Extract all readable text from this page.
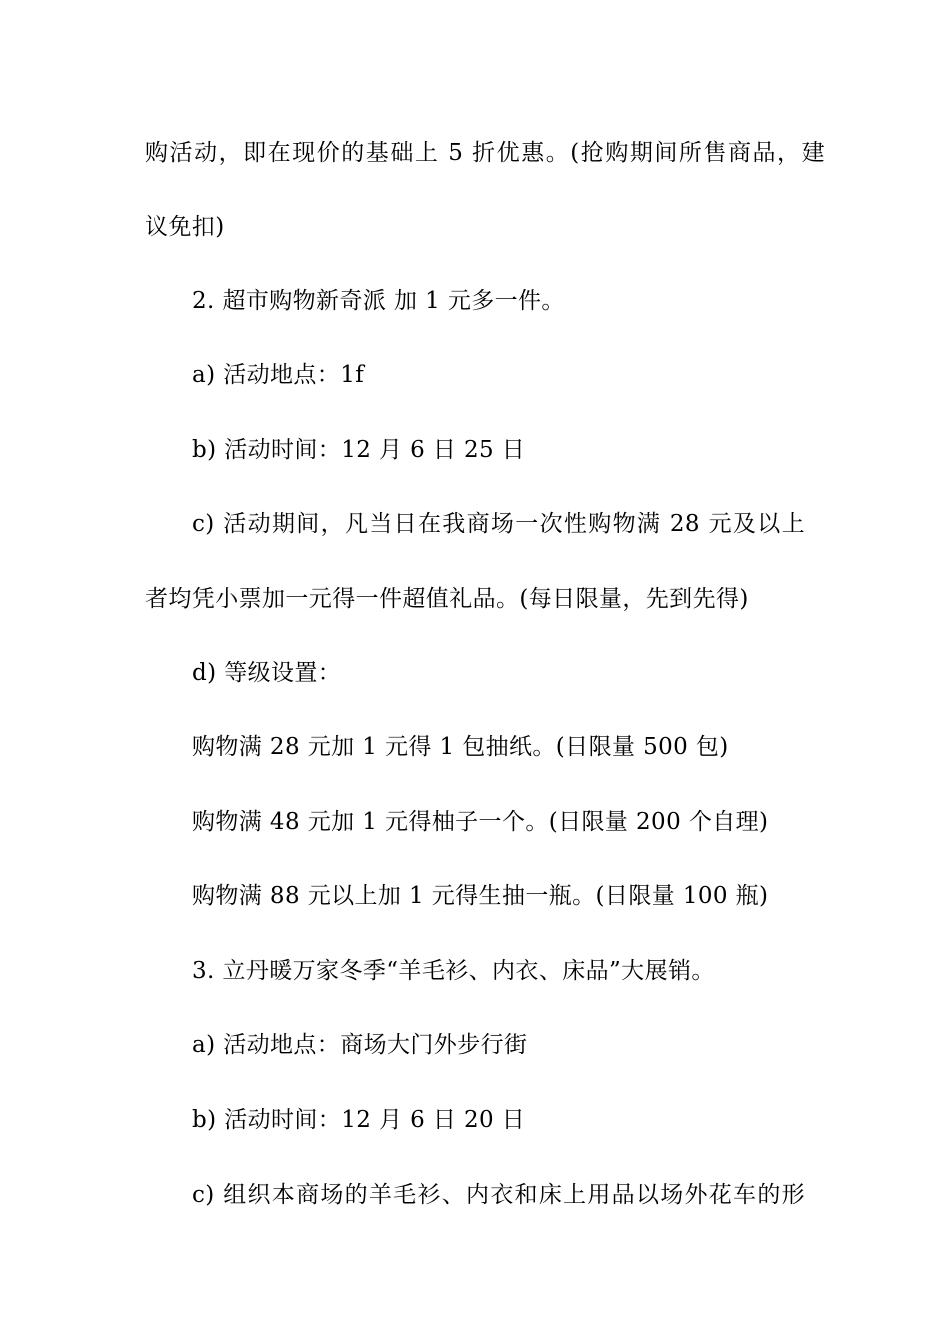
购活动，即在现价的基础上 5 折优惠。(抢购期间所售商品，建
议免扣)
2. 超市购物新奇派 加 1 元多一件。
a) 活动地点：1f
b) 活动时间：12 月 6 日 25 日
c) 活动期间，凡当日在我商场一次性购物满 28 元及以上
者均凭小票加一元得一件超值礼品。(每日限量，先到先得)
d) 等级设置：
购物满 28 元加 1 元得 1 包抽纸。(日限量 500 包)
购物满 48 元加 1 元得柚子一个。(日限量 200 个自理)
购物满 88 元以上加 1 元得生抽一瓶。(日限量 100 瓶)
3. 立丹暖万家冬季“羊毛衫、内衣、床品”大展销。
a) 活动地点：商场大门外步行街
b) 活动时间：12 月 6 日 20 日
c) 组织本商场的羊毛衫、内衣和床上用品以场外花车的形
